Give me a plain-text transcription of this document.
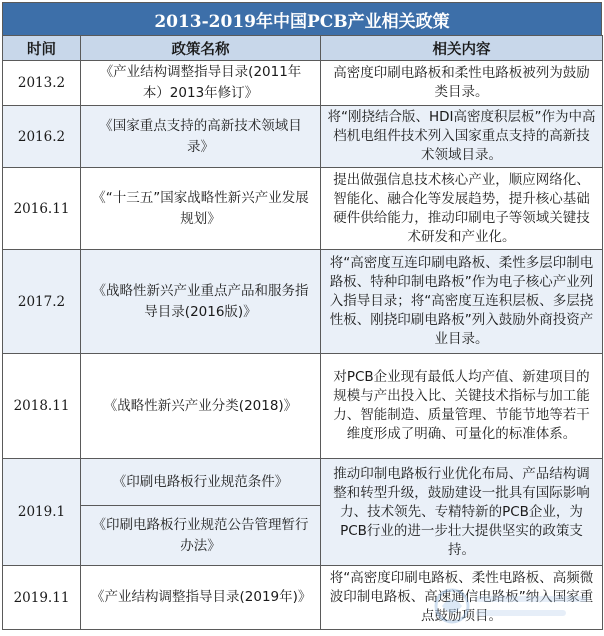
2013-2019年中国PCB产业相关政策
时间	政策名称	相关内容
2013.2	《产业结构调整指导目录(2011年本）2013年修订》	高密度印刷电路板和柔性电路板被列为鼓励类目录。
2016.2	《国家重点支持的高新技术领域目录》	将“刚挠结合版、HDI高密度积层板”作为中高档机电组件技术列入国家重点支持的高新技术领域目录。
2016.11	《“十三五”国家战略性新兴产业发展规划》	提出做强信息技术核心产业，顺应网络化、智能化、融合化等发展趋势，提升核心基础硬件供给能力，推动印刷电子等领域关键技术研发和产业化。
2017.2	《战略性新兴产业重点产品和服务指导目录(2016版)》	将“高密度互连印刷电路板、柔性多层印制电路板、特种印制电路板”作为电子核心产业列入指导目录；将“高密度互连积层板、多层挠性板、刚挠印刷电路板”列入鼓励外商投资产业目录。
2018.11	《战略性新兴产业分类(2018)》	对PCB企业现有最低人均产值、新建项目的规模与产出投入比、关键技术指标与加工能力、智能制造、质量管理、节能节地等若干维度形成了明确、可量化的标准体系。
2019.1	《印刷电路板行业规范条件》	推动印制电路板行业优化布局、产品结构调整和转型升级，鼓励建设一批具有国际影响力、技术领先、专精特新的PCB企业，为PCB行业的进一步壮大提供坚实的政策支持。
	《印刷电路板行业规范公告管理暂行办法》	
2019.11	《产业结构调整指导目录(2019年)》	将“高密度印刷电路板、柔性电路板、高频微波印制电路板、高速通信电路板”纳入国家重点鼓励项目。
